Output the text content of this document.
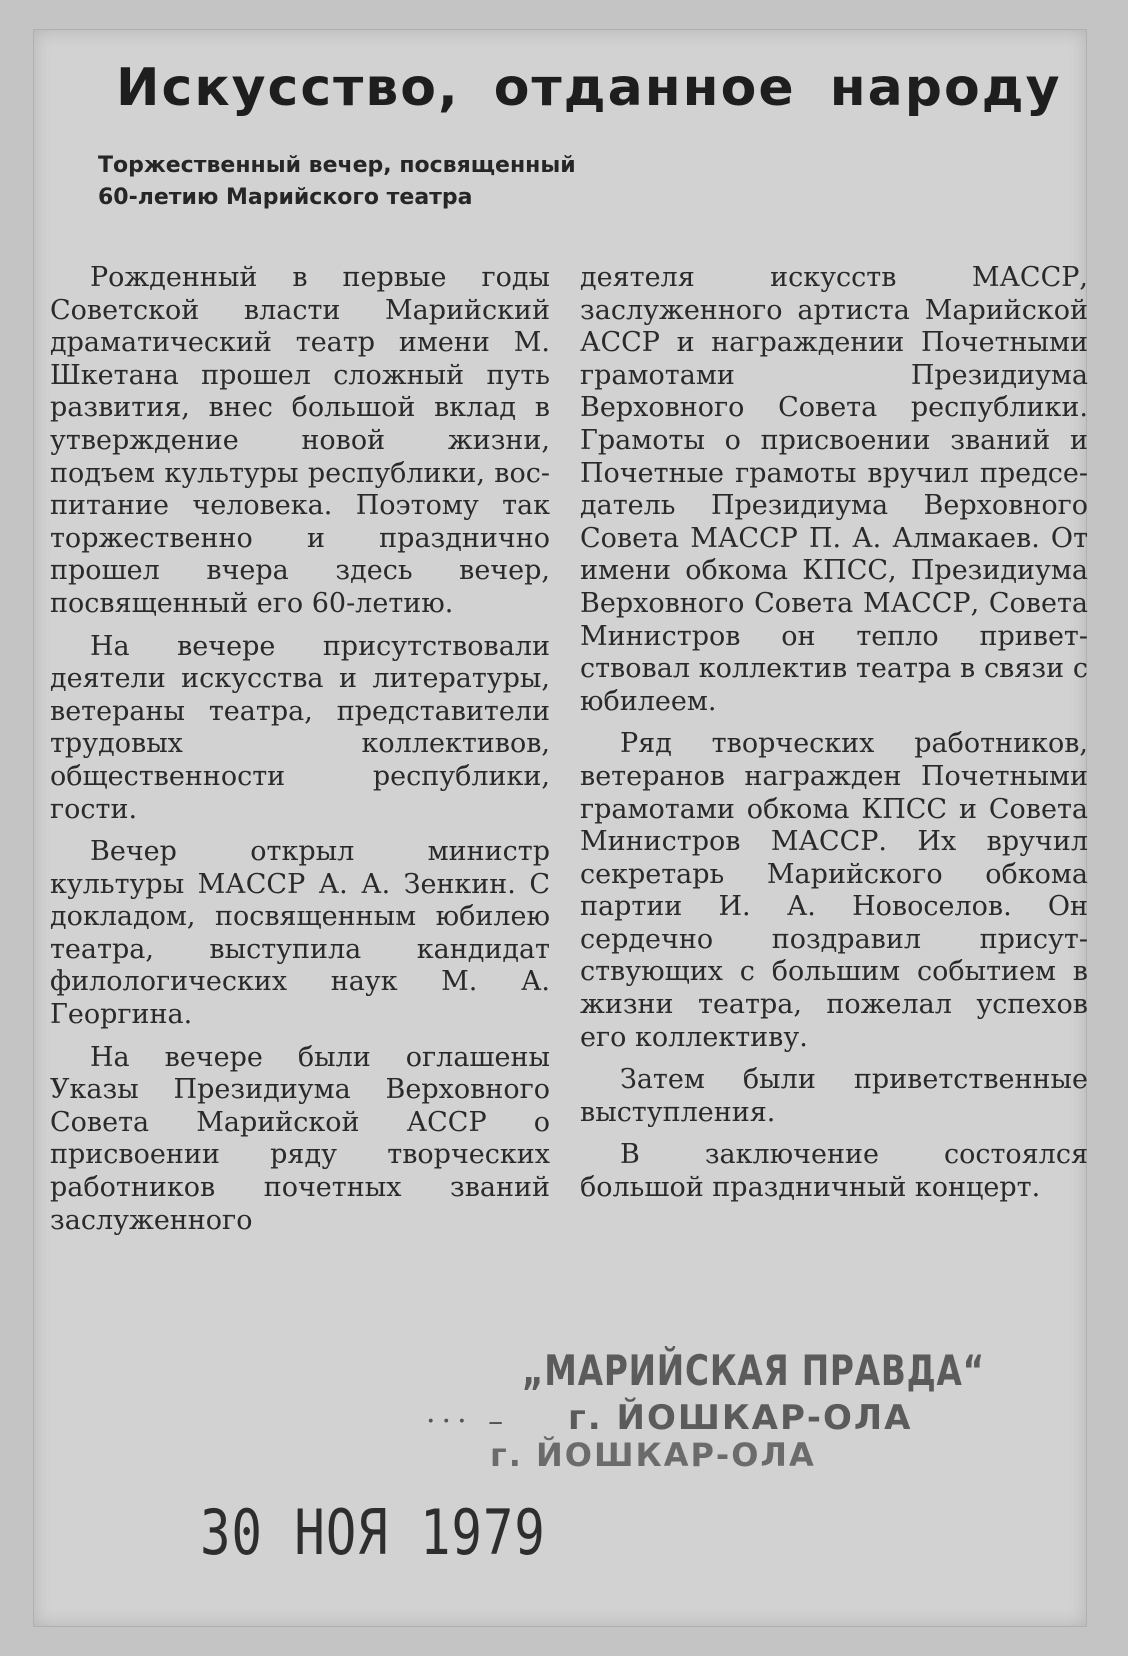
Искусство, отданное народу
Торжественный вечер, посвященный
60-летию Марийского театра

Рожденный в первые годы Советской власти Марийский драматический театр имени М. Шкетана прошел сложный путь развития, внес большой вклад в утверждение новой жизни, подъем культуры республики, воспитание человека. Поэтому так торжественно и празднично прошел вчера здесь вечер, посвященный его 60-летию.

На вечере присутствовали деятели искусства и литературы, ветераны театра, представители трудовых коллективов, общественности республики, гости.

Вечер открыл министр культуры МАССР А. А. Зенкин. С докладом, посвященным юбилею театра, выступила кандидат филологических наук М. А. Георгина.

На вечере были оглашены Указы Президиума Верховного Совета Марийской АССР о присвоении ряду творческих работников почетных званий заслуженного

деятеля искусств МАССР, заслуженного артиста Марийской АССР и награждении Почетными грамотами Президиума Верховного Совета республики. Грамоты о присвоении званий и Почетные грамоты вручил председатель Президиума Верховного Совета МАССР П. А. Алмакаев. От имени обкома КПСС, Президиума Верховного Совета МАССР, Совета Министров он тепло приветствовал коллектив театра в связи с юбилеем.

Ряд творческих работников, ветеранов награжден Почетными грамотами обкома КПСС и Совета Министров МАССР. Их вручил секретарь Марийского обкома партии И. А. Новоселов. Он сердечно поздравил присутствующих с большим событием в жизни театра, пожелал успехов его коллективу.

Затем были приветственные выступления.

В заключение состоялся большой праздничный концерт.

„МАРИЙСКАЯ ПРАВДА“
··· – г. ЙОШКАР-ОЛА
г. ЙОШКАР-ОЛА
30 НОЯ 1979
